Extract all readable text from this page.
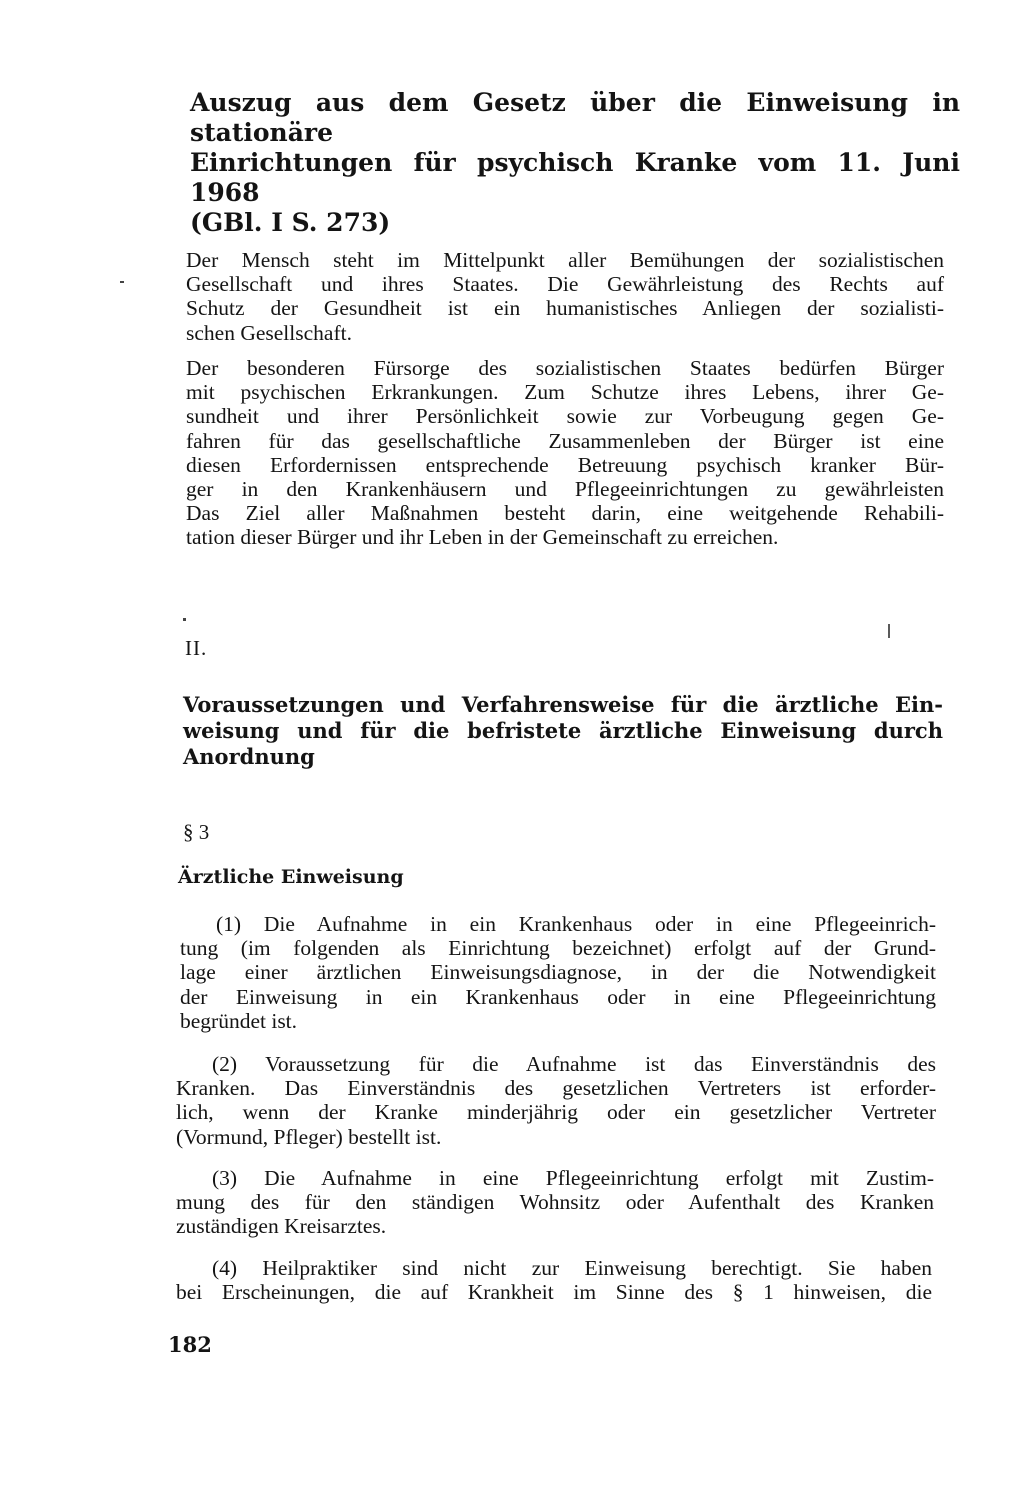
Auszug aus dem Gesetz über die Einweisung in stationäre
Einrichtungen für psychisch Kranke vom 11. Juni 1968
(GBl. I S. 273)
Der Mensch steht im Mittelpunkt aller Bemühungen der sozialistischen
Gesellschaft und ihres Staates. Die Gewährleistung des Rechts auf
Schutz der Gesundheit ist ein humanistisches Anliegen der sozialisti-
schen Gesellschaft.
Der besonderen Fürsorge des sozialistischen Staates bedürfen Bürger
mit psychischen Erkrankungen. Zum Schutze ihres Lebens, ihrer Ge-
sundheit und ihrer Persönlichkeit sowie zur Vorbeugung gegen Ge-
fahren für das gesellschaftliche Zusammenleben der Bürger ist eine
diesen Erfordernissen entsprechende Betreuung psychisch kranker Bür-
ger in den Krankenhäusern und Pflegeeinrichtungen zu gewährleisten
Das Ziel aller Maßnahmen besteht darin, eine weitgehende Rehabili-
tation dieser Bürger und ihr Leben in der Gemeinschaft zu erreichen.
II.
Voraussetzungen und Verfahrensweise für die ärztliche Ein-
weisung und für die befristete ärztliche Einweisung durch
Anordnung
§ 3
Ärztliche Einweisung
(1) Die Aufnahme in ein Krankenhaus oder in eine Pflegeeinrich-
tung (im folgenden als Einrichtung bezeichnet) erfolgt auf der Grund-
lage einer ärztlichen Einweisungsdiagnose, in der die Notwendigkeit
der Einweisung in ein Krankenhaus oder in eine Pflegeeinrichtung
begründet ist.
(2) Voraussetzung für die Aufnahme ist das Einverständnis des
Kranken. Das Einverständnis des gesetzlichen Vertreters ist erforder-
lich, wenn der Kranke minderjährig oder ein gesetzlicher Vertreter
(Vormund, Pfleger) bestellt ist.
(3) Die Aufnahme in eine Pflegeeinrichtung erfolgt mit Zustim-
mung des für den ständigen Wohnsitz oder Aufenthalt des Kranken
zuständigen Kreisarztes.
(4) Heilpraktiker sind nicht zur Einweisung berechtigt. Sie haben
bei Erscheinungen, die auf Krankheit im Sinne des § 1 hinweisen, die
182
